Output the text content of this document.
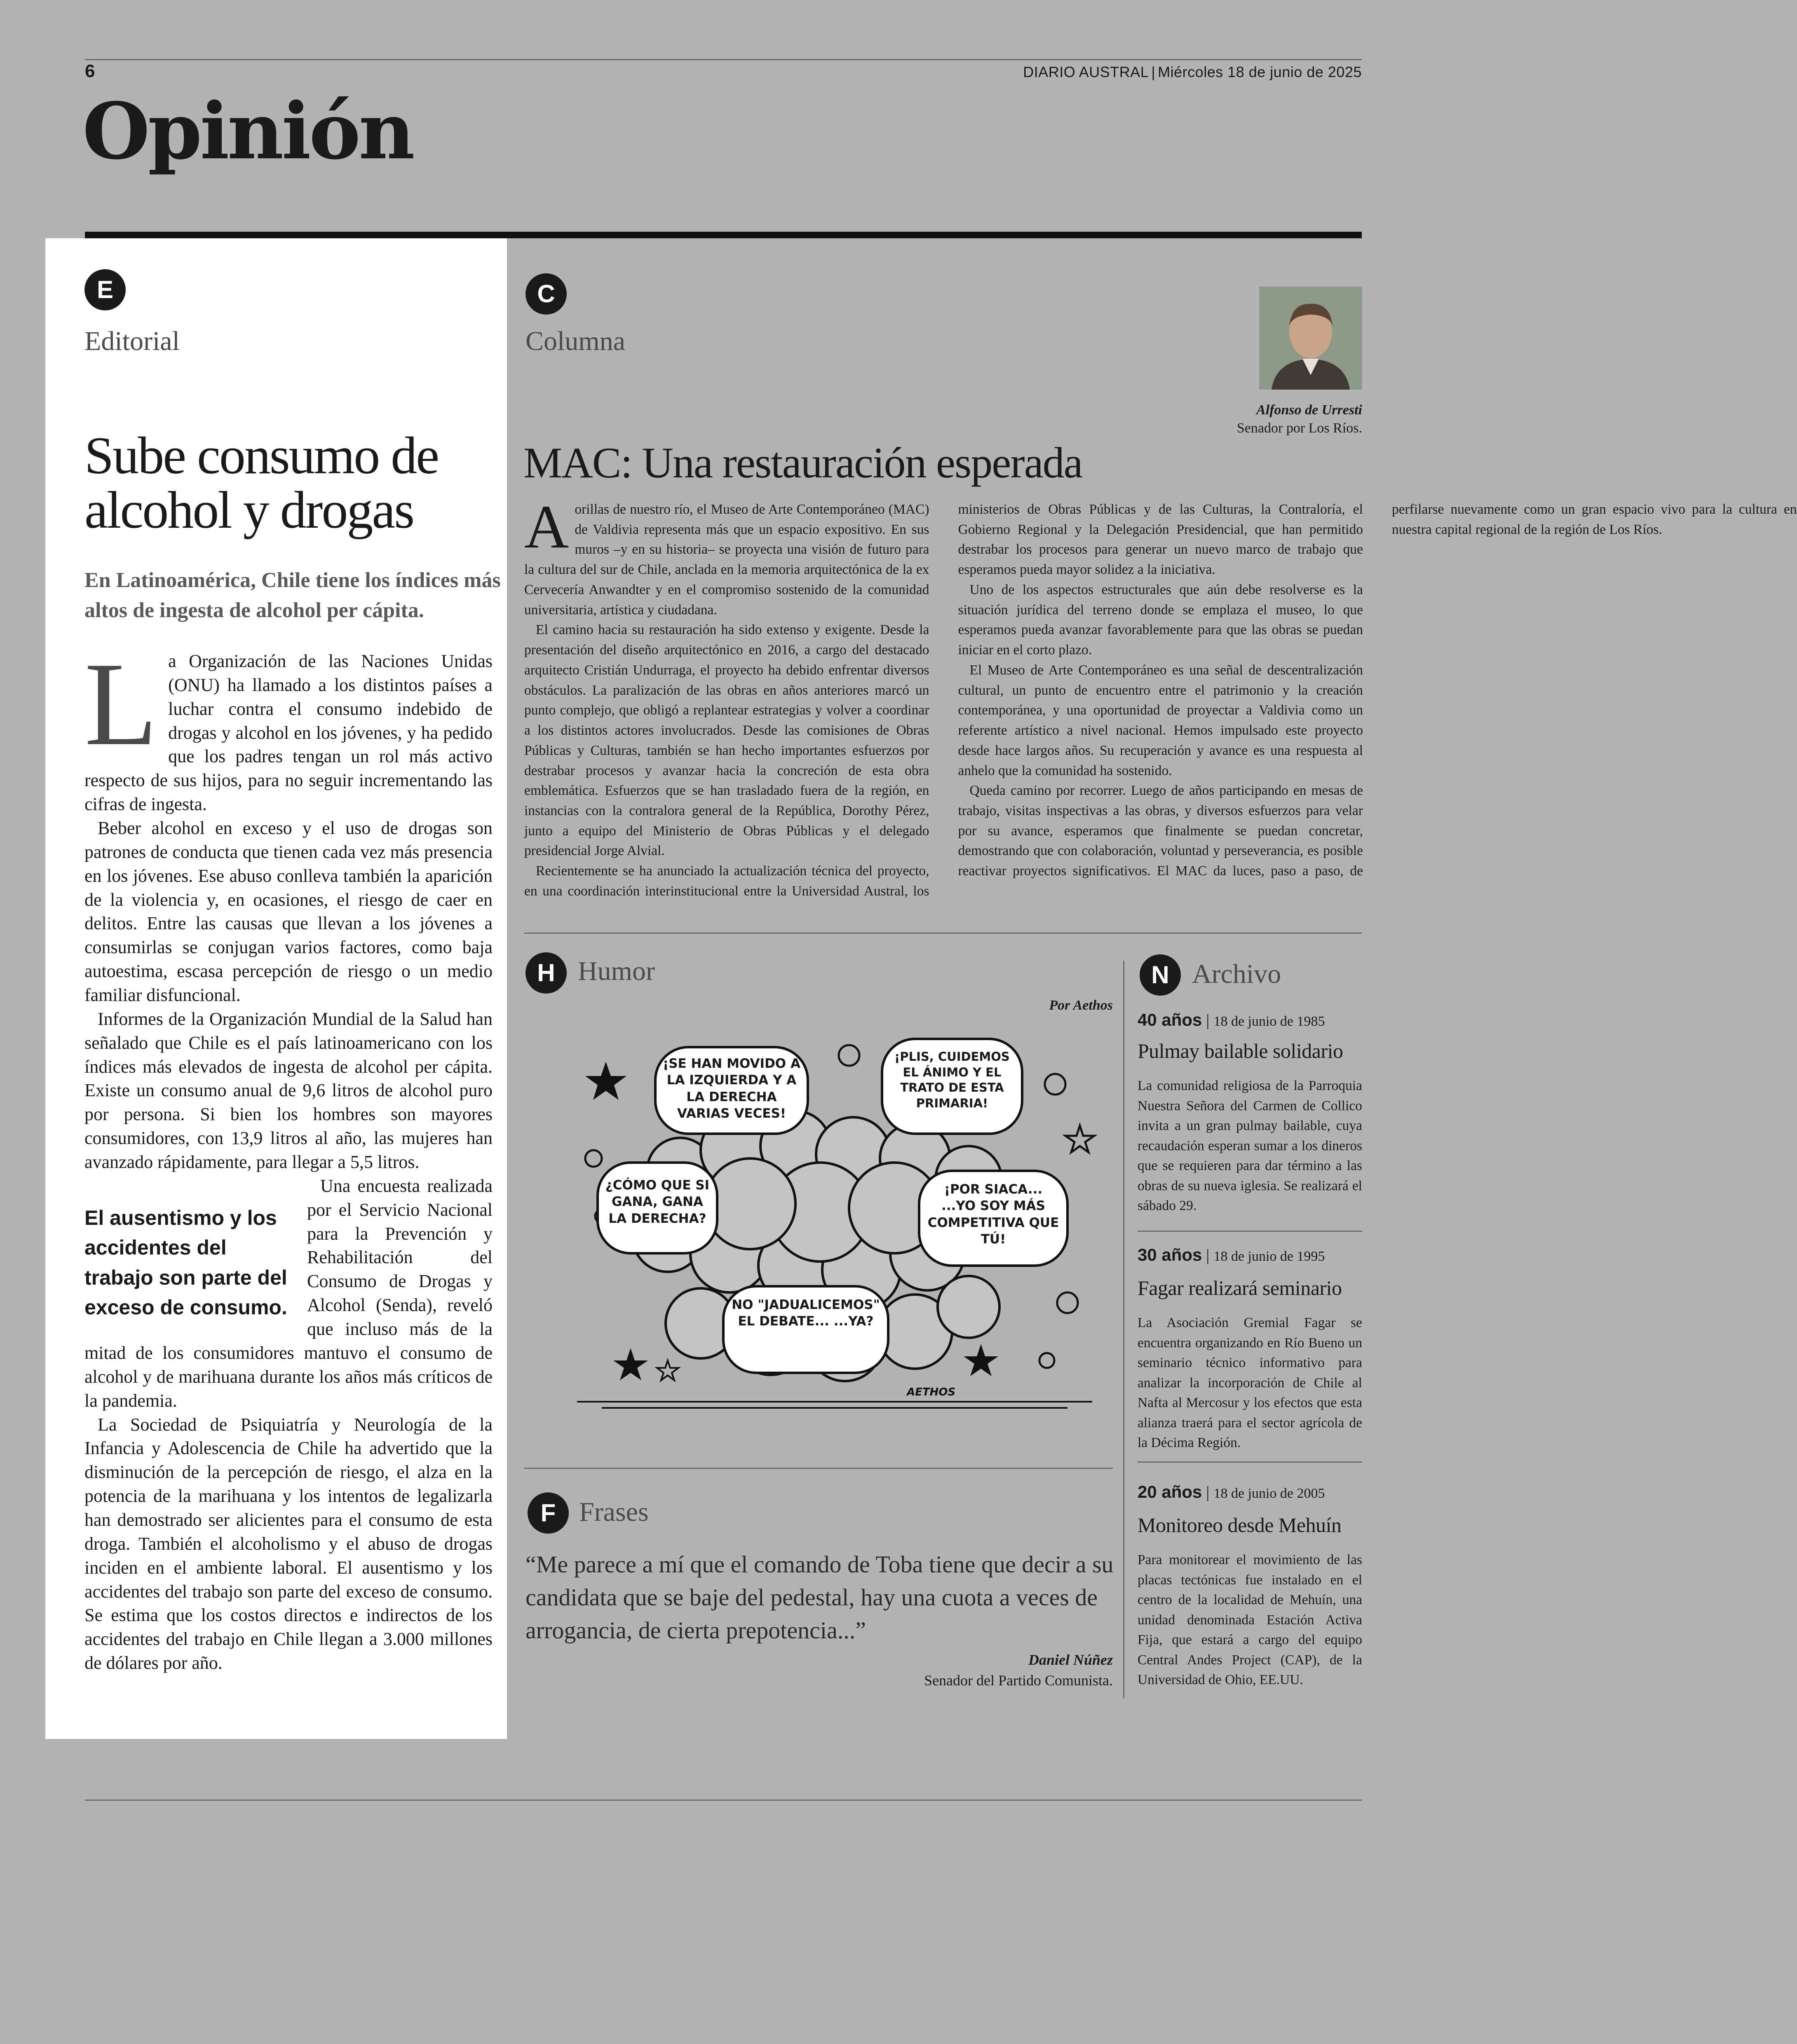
6	DIARIO AUSTRAL | Miércoles 18 de junio de 2025
Opinión
E
Editorial
Sube consumo de alcohol y drogas
En Latinoamérica, Chile tiene los índices más altos de ingesta de alcohol per cápita.

La Organización de las Naciones Unidas (ONU) ha llamado a los distintos países a luchar contra el consumo indebido de drogas y alcohol en los jóvenes, y ha pedido que los padres tengan un rol más activo respecto de sus hijos, para no seguir incrementando las cifras de ingesta.

Beber alcohol en exceso y el uso de drogas son patrones de conducta que tienen cada vez más presencia en los jóvenes. Ese abuso conlleva también la aparición de la violencia y, en ocasiones, el riesgo de caer en delitos. Entre las causas que llevan a los jóvenes a consumirlas se conjugan varios factores, como baja autoestima, escasa percepción de riesgo o un medio familiar disfuncional.

Informes de la Organización Mundial de la Salud han señalado que Chile es el país latinoamericano con los índices más elevados de ingesta de alcohol per cápita. Existe un consumo anual de 9,6 litros de alcohol puro por persona. Si bien los hombres son mayores consumidores, con 13,9 litros al año, las mujeres han avanzado rápidamente, para llegar a 5,5 litros.

El ausentismo y los accidentes del trabajo son parte del exceso de consumo.

Una encuesta realizada por el Servicio Nacional para la Prevención y Rehabilitación del Consumo de Drogas y Alcohol (Senda), reveló que incluso más de la mitad de los consumidores mantuvo el consumo de alcohol y de marihuana durante los años más críticos de la pandemia.

La Sociedad de Psiquiatría y Neurología de la Infancia y Adolescencia de Chile ha advertido que la disminución de la percepción de riesgo, el alza en la potencia de la marihuana y los intentos de legalizarla han demostrado ser alicientes para el consumo de esta droga. También el alcoholismo y el abuso de drogas inciden en el ambiente laboral. El ausentismo y los accidentes del trabajo son parte del exceso de consumo. Se estima que los costos directos e indirectos de los accidentes del trabajo en Chile llegan a 3.000 millones de dólares por año.

C
Columna
Alfonso de Urresti
Senador por Los Ríos.
MAC: Una restauración esperada

Aorillas de nuestro río, el Museo de Arte Contemporáneo (MAC) de Valdivia representa más que un espacio expositivo. En sus muros –y en su historia– se proyecta una visión de futuro para la cultura del sur de Chile, anclada en la memoria arquitectónica de la ex Cervecería Anwandter y en el compromiso sostenido de la comunidad universitaria, artística y ciudadana.

El camino hacia su restauración ha sido extenso y exigente. Desde la presentación del diseño arquitectónico en 2016, a cargo del destacado arquitecto Cristián Undurraga, el proyecto ha debido enfrentar diversos obstáculos. La paralización de las obras en años anteriores marcó un punto complejo, que obligó a replantear estrategias y volver a coordinar a los distintos actores involucrados. Desde las comisiones de Obras Públicas y Culturas, también se han hecho importantes esfuerzos por destrabar procesos y avanzar hacia la concreción de esta obra emblemática. Esfuerzos que se han trasladado fuera de la región, en instancias con la contralora general de la República, Dorothy Pérez, junto a equipo del Ministerio de Obras Públicas y el delegado presidencial Jorge Alvial.

Recientemente se ha anunciado la actualización técnica del proyecto, en una coordinación interinstitucional entre la Universidad Austral, los ministerios de Obras Públicas y de las Culturas, la Contraloría, el Gobierno Regional y la Delegación Presidencial, que han permitido destrabar los procesos para generar un nuevo marco de trabajo que esperamos pueda mayor solidez a la iniciativa.

Uno de los aspectos estructurales que aún debe resolverse es la situación jurídica del terreno donde se emplaza el museo, lo que esperamos pueda avanzar favorablemente para que las obras se puedan iniciar en el corto plazo.

El Museo de Arte Contemporáneo es una señal de descentralización cultural, un punto de encuentro entre el patrimonio y la creación contemporánea, y una oportunidad de proyectar a Valdivia como un referente artístico a nivel nacional. Hemos impulsado este proyecto desde hace largos años. Su recuperación y avance es una respuesta al anhelo que la comunidad ha sostenido.

Queda camino por recorrer. Luego de años participando en mesas de trabajo, visitas inspectivas a las obras, y diversos esfuerzos para velar por su avance, esperamos que finalmente se puedan concretar, demostrando que con colaboración, voluntad y perseverancia, es posible reactivar proyectos significativos. El MAC da luces, paso a paso, de perfilarse nuevamente como un gran espacio vivo para la cultura en nuestra capital regional de la región de Los Ríos.

H Humor
Por Aethos
¡SE HAN MOVIDO A LA IZQUIERDA Y A LA DERECHA VARIAS VECES!
¡PLIS, CUIDEMOS EL ÁNIMO Y EL TRATO DE ESTA PRIMARIA!
¿CÓMO QUE SI GANA, GANA LA DERECHA?
¡POR SIACA... ...YO SOY MÁS COMPETITIVA QUE TÚ!
NO "JADUALICEMOS" EL DEBATE... ...YA?
AETHOS
F Frases
“Me parece a mí que el comando de Toba tiene que decir a su candidata que se baje del pedestal, hay una cuota a veces de arrogancia, de cierta prepotencia...”
Daniel Núñez
Senador del Partido Comunista.
N Archivo
40 años | 18 de junio de 1985
Pulmay bailable solidario
La comunidad religiosa de la Parroquia Nuestra Señora del Carmen de Collico invita a un gran pulmay bailable, cuya recaudación esperan sumar a los dineros que se requieren para dar término a las obras de su nueva iglesia. Se realizará el sábado 29.
30 años | 18 de junio de 1995
Fagar realizará seminario
La Asociación Gremial Fagar se encuentra organizando en Río Bueno un seminario técnico informativo para analizar la incorporación de Chile al Nafta al Mercosur y los efectos que esta alianza traerá para el sector agrícola de la Décima Región.
20 años | 18 de junio de 2005
Monitoreo desde Mehuín
Para monitorear el movimiento de las placas tectónicas fue instalado en el centro de la localidad de Mehuín, una unidad denominada Estación Activa Fija, que estará a cargo del equipo Central Andes Project (CAP), de la Universidad de Ohio, EE.UU.
